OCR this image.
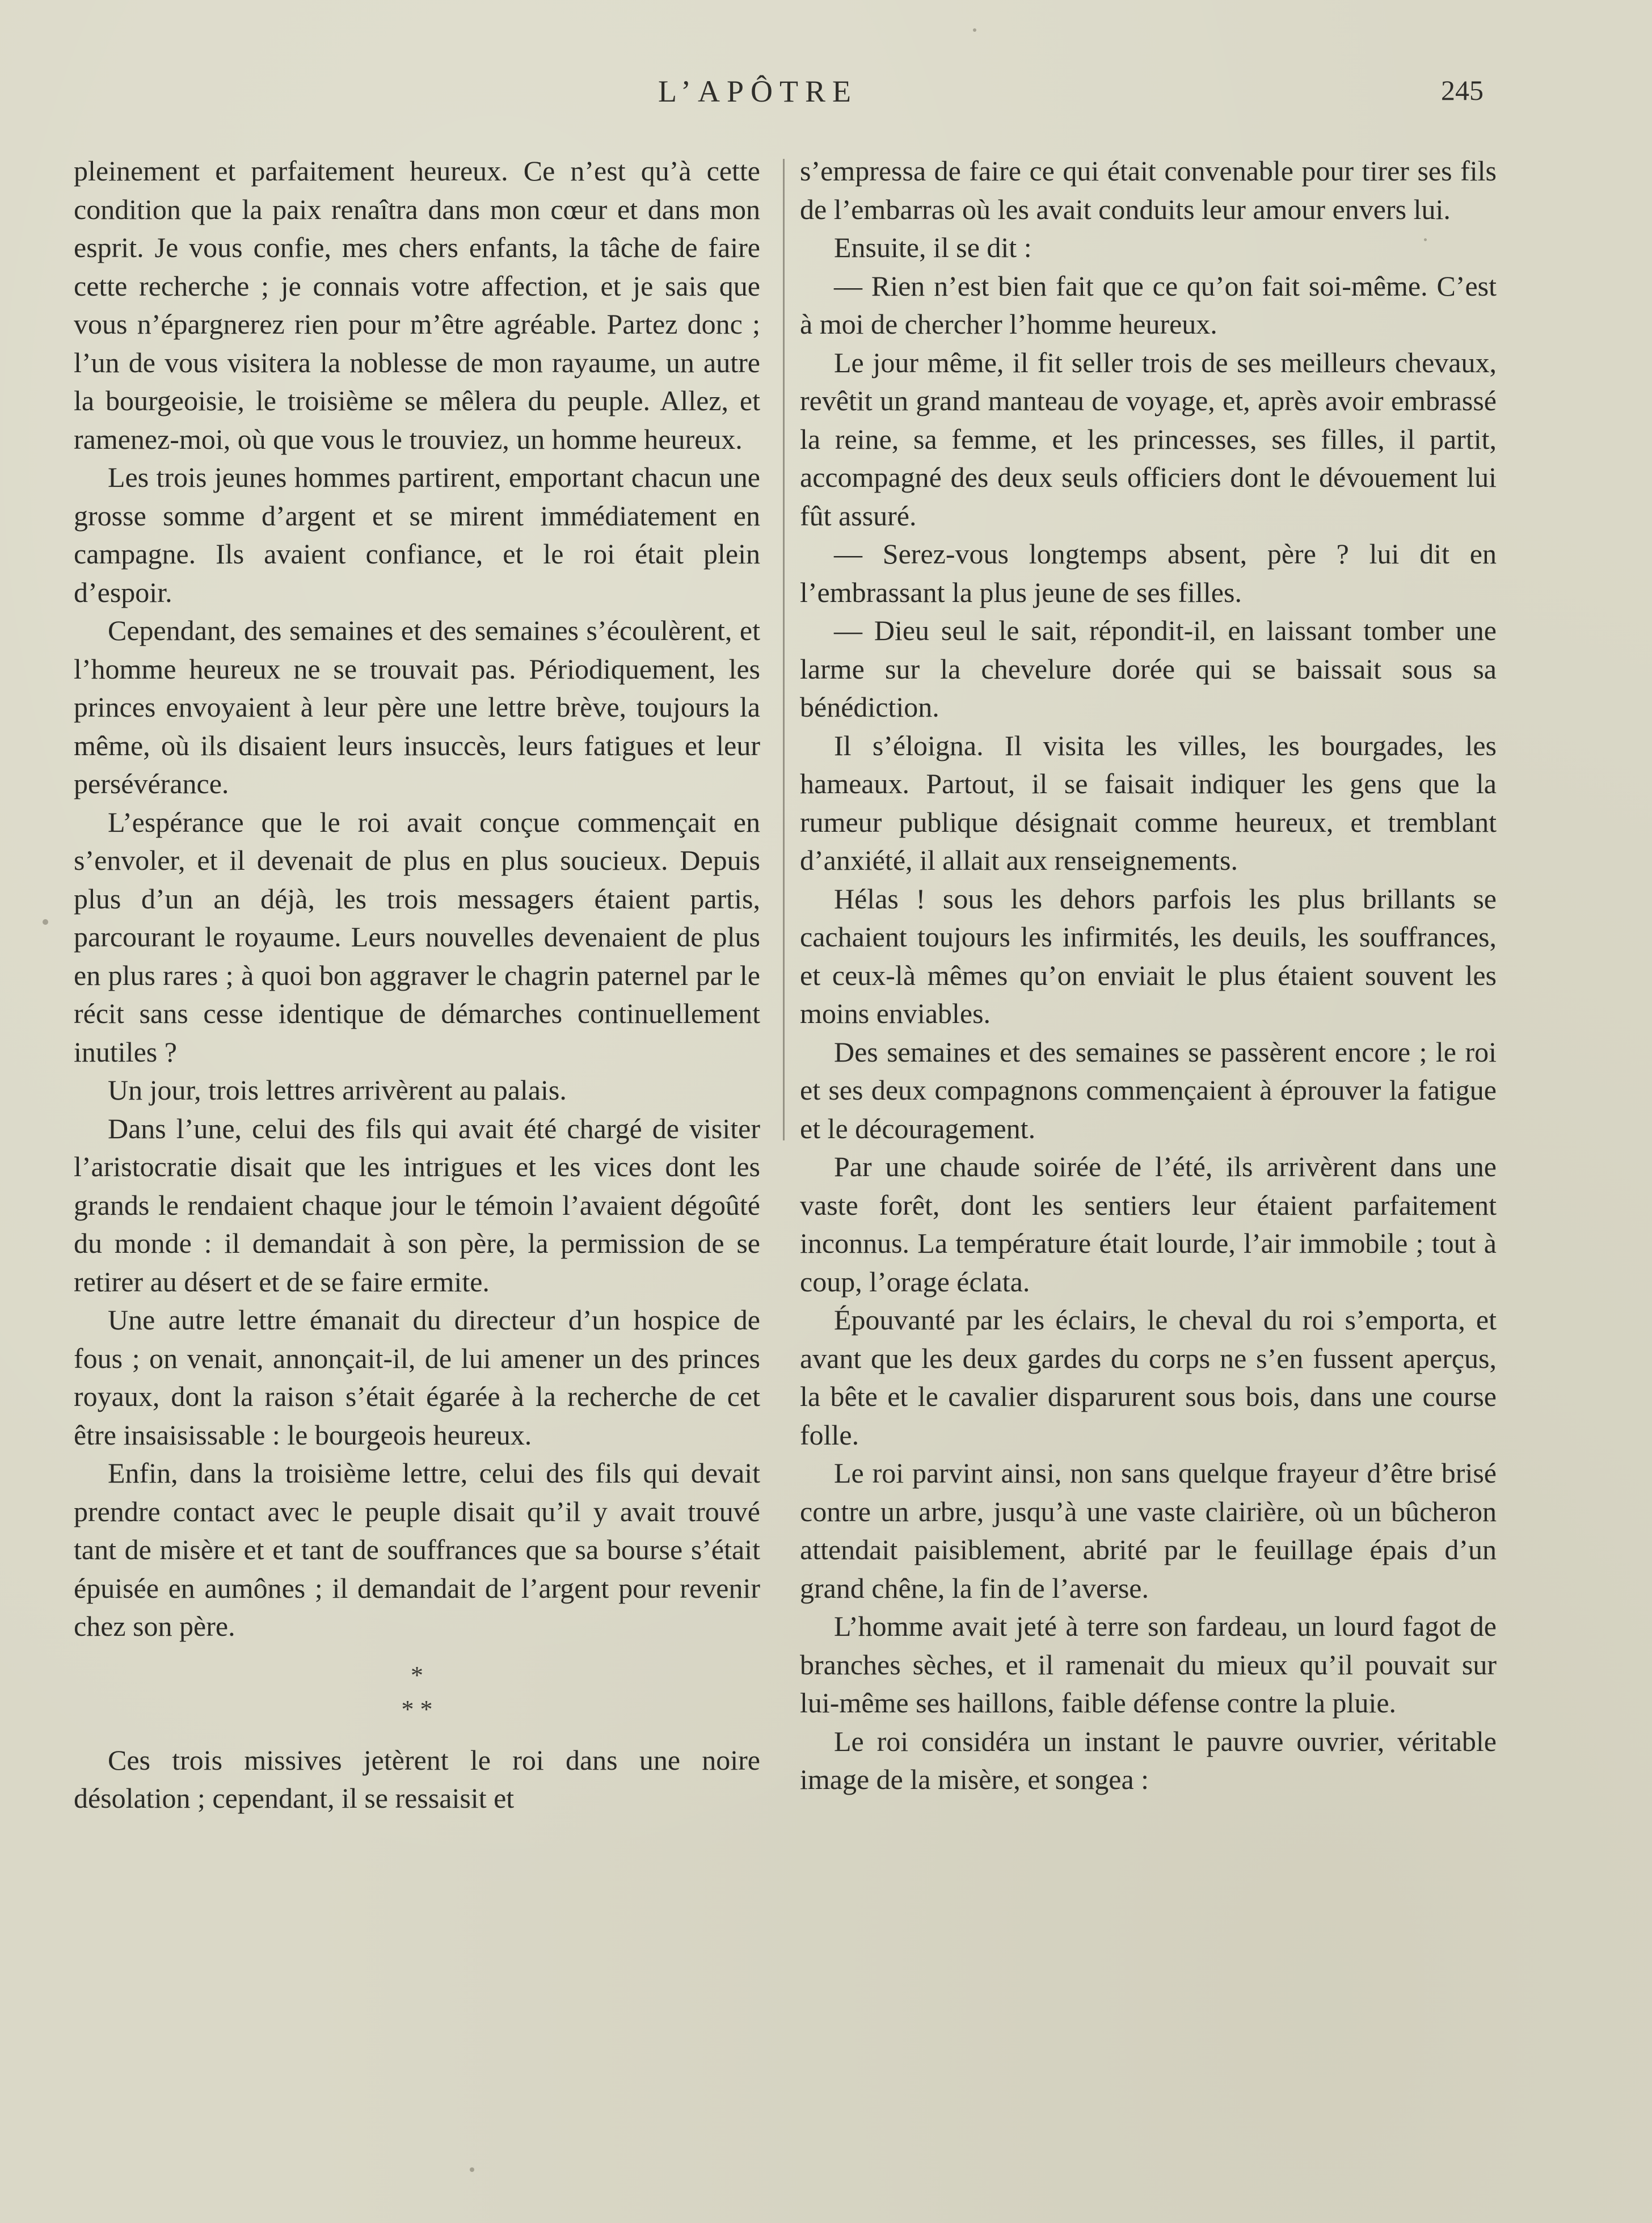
L’APÔTRE	245

pleinement et parfaitement heureux. Ce n’est qu’à cette condition que la paix renaîtra dans mon cœur et dans mon esprit. Je vous confie, mes chers enfants, la tâche de faire cette recherche ; je connais votre affection, et je sais que vous n’épargnerez rien pour m’être agréable. Partez donc ; l’un de vous visitera la noblesse de mon rayaume, un autre la bourgeoisie, le troisième se mêlera du peuple. Allez, et ramenez-moi, où que vous le trouviez, un homme heureux.

Les trois jeunes hommes partirent, emportant chacun une grosse somme d’argent et se mirent immédiatement en campagne. Ils avaient confiance, et le roi était plein d’espoir.

Cependant, des semaines et des semaines s’écoulèrent, et l’homme heureux ne se trouvait pas. Périodiquement, les princes envoyaient à leur père une lettre brève, toujours la même, où ils disaient leurs insuccès, leurs fatigues et leur persévérance.

L’espérance que le roi avait conçue commençait en s’envoler, et il devenait de plus en plus soucieux. Depuis plus d’un an déjà, les trois messagers étaient partis, parcourant le royaume. Leurs nouvelles devenaient de plus en plus rares ; à quoi bon aggraver le chagrin paternel par le récit sans cesse identique de démarches continuellement inutiles ?

Un jour, trois lettres arrivèrent au palais.

Dans l’une, celui des fils qui avait été chargé de visiter l’aristocratie disait que les intrigues et les vices dont les grands le rendaient chaque jour le témoin l’avaient dégoûté du monde : il demandait à son père, la permission de se retirer au désert et de se faire ermite.

Une autre lettre émanait du directeur d’un hospice de fous ; on venait, annonçait-il, de lui amener un des princes royaux, dont la raison s’était égarée à la recherche de cet être insaisissable : le bourgeois heureux.

Enfin, dans la troisième lettre, celui des fils qui devait prendre contact avec le peuple disait qu’il y avait trouvé tant de misère et et tant de souffrances que sa bourse s’était épuisée en aumônes ; il demandait de l’argent pour revenir chez son père.

*
* *

Ces trois missives jetèrent le roi dans une noire désolation ; cependant, il se ressaisit et

s’empressa de faire ce qui était convenable pour tirer ses fils de l’embarras où les avait conduits leur amour envers lui.

Ensuite, il se dit :

— Rien n’est bien fait que ce qu’on fait soi-même. C’est à moi de chercher l’homme heureux.

Le jour même, il fit seller trois de ses meilleurs chevaux, revêtit un grand manteau de voyage, et, après avoir embrassé la reine, sa femme, et les princesses, ses filles, il partit, accompagné des deux seuls officiers dont le dévouement lui fût assuré.

— Serez-vous longtemps absent, père ? lui dit en l’embrassant la plus jeune de ses filles.

— Dieu seul le sait, répondit-il, en laissant tomber une larme sur la chevelure dorée qui se baissait sous sa bénédiction.

Il s’éloigna. Il visita les villes, les bourgades, les hameaux. Partout, il se faisait indiquer les gens que la rumeur publique désignait comme heureux, et tremblant d’anxiété, il allait aux renseignements.

Hélas ! sous les dehors parfois les plus brillants se cachaient toujours les infirmités, les deuils, les souffrances, et ceux-là mêmes qu’on enviait le plus étaient souvent les moins enviables.

Des semaines et des semaines se passèrent encore ; le roi et ses deux compagnons commençaient à éprouver la fatigue et le découragement.

Par une chaude soirée de l’été, ils arrivèrent dans une vaste forêt, dont les sentiers leur étaient parfaitement inconnus. La température était lourde, l’air immobile ; tout à coup, l’orage éclata.

Épouvanté par les éclairs, le cheval du roi s’emporta, et avant que les deux gardes du corps ne s’en fussent aperçus, la bête et le cavalier disparurent sous bois, dans une course folle.

Le roi parvint ainsi, non sans quelque frayeur d’être brisé contre un arbre, jusqu’à une vaste clairière, où un bûcheron attendait paisiblement, abrité par le feuillage épais d’un grand chêne, la fin de l’averse.

L’homme avait jeté à terre son fardeau, un lourd fagot de branches sèches, et il ramenait du mieux qu’il pouvait sur lui-même ses haillons, faible défense contre la pluie.

Le roi considéra un instant le pauvre ouvrier, véritable image de la misère, et songea :
